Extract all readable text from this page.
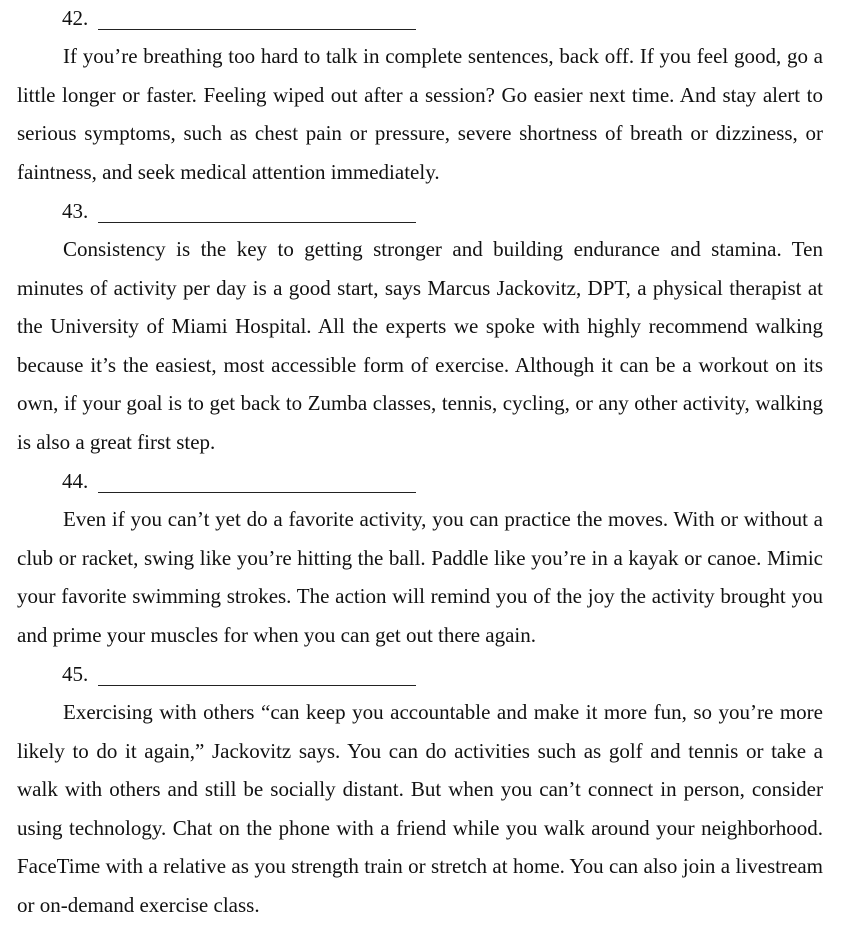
42.

If you’re breathing too hard to talk in complete sentences, back off. If you feel good, go a little longer or faster. Feeling wiped out after a session? Go easier next time. And stay alert to serious symptoms, such as chest pain or pressure, severe shortness of breath or dizziness, or faintness, and seek medical attention immediately.

43.

Consistency is the key to getting stronger and building endurance and stamina. Ten minutes of activity per day is a good start, says Marcus Jackovitz, DPT, a physical therapist at the University of Miami Hospital. All the experts we spoke with highly recommend walking because it’s the easiest, most accessible form of exercise. Although it can be a workout on its own, if your goal is to get back to Zumba classes, tennis, cycling, or any other activity, walking is also a great first step.

44.

Even if you can’t yet do a favorite activity, you can practice the moves. With or without a club or racket, swing like you’re hitting the ball. Paddle like you’re in a kayak or canoe. Mimic your favorite swimming strokes. The action will remind you of the joy the activity brought you and prime your muscles for when you can get out there again.

45.

Exercising with others “can keep you accountable and make it more fun, so you’re more likely to do it again,” Jackovitz says. You can do activities such as golf and tennis or take a walk with others and still be socially distant. But when you can’t connect in person, consider using technology. Chat on the phone with a friend while you walk around your neighborhood. FaceTime with a relative as you strength train or stretch at home. You can also join a livestream or on-demand exercise class.
